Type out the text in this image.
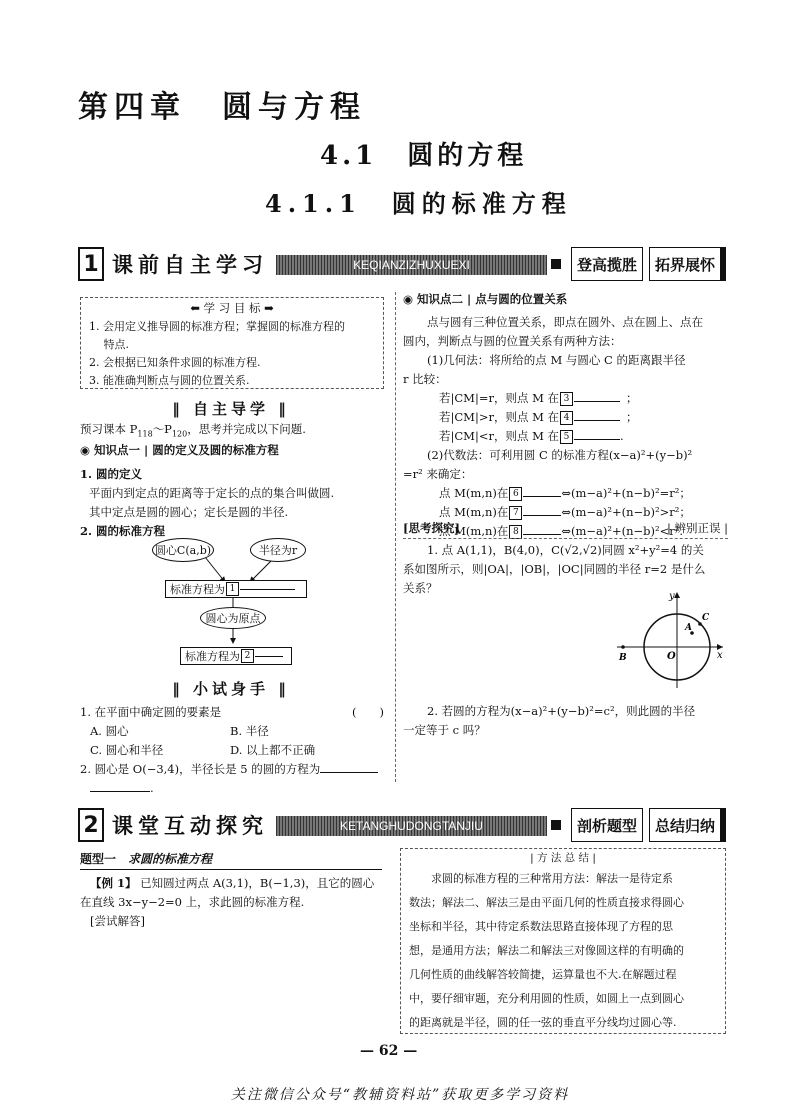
第四章　圆与方程
4.1　圆的方程
4.1.1　圆的标准方程
1 课前自主学习	KEQIANZIZHUXUEXI	登高揽胜	拓界展怀
⬅ 学 习 目 标 ➡
1. 会用定义推导圆的标准方程；掌握圆的标准方程的
　 特点.
2. 会根据已知条件求圆的标准方程.
3. 能准确判断点与圆的位置关系.
‖ 自主导学 ‖
预习课本 $P_{118}\sim P_{120}$，思考并完成以下问题.
◉ 知识点一 | 圆的定义及圆的标准方程
1. 圆的定义
平面内到定点的距离等于定长的点的集合叫做圆.
其中定点是圆的圆心；定长是圆的半径.
2. 圆的标准方程
圆心C(a,b)	半径为r
标准方程为 1
圆心为原点
标准方程为 2
‖ 小试身手 ‖
1. 在平面中确定圆的要素是	(　　)
A. 圆心	B. 半径
C. 圆心和半径	D. 以上都不正确
2. 圆心是 O(−3,4)，半径长是 5 的圆的方程为
.
◉ 知识点二 | 点与圆的位置关系
点与圆有三种位置关系，即点在圆外、点在圆上、点在
圆内，判断点与圆的位置关系有两种方法：
(1)几何法：将所给的点 M 与圆心 C 的距离跟半径
r 比较：
若|CM|=r，则点 M 在 3	；
若|CM|>r，则点 M 在 4	；
若|CM|<r，则点 M 在 5	.
(2)代数法：可利用圆 C 的标准方程(x−a)²+(y−b)²
=r² 来确定：
点 M(m,n)在 6	⇔(m−a)²+(n−b)²=r²；
点 M(m,n)在 7	⇔(m−a)²+(n−b)²>r²；
点 M(m,n)在 8	⇔(m−a)²+(n−b)²<r².
[思考探究]	| 辨别正误 |
1. 点 A(1,1)，B(4,0)，C(√2,√2)同圆 x²+y²=4 的关
系如图所示，则|OA|，|OB|，|OC|同圆的半径 r=2 是什么
关系？
y
x
O
A
C
B
2. 若圆的方程为(x−a)²+(y−b)²=c²，则此圆的半径
一定等于 c 吗？
2 课堂互动探究	KETANGHUDONGTANJIU	剖析题型	总结归纳
题型一　 求圆的标准方程
【例 1】 已知圆过两点 A(3,1)，B(−1,3)，且它的圆心
在直线 3x−y−2=0 上，求此圆的标准方程.
[尝试解答]
| 方 法 总 结 |
　　求圆的标准方程的三种常用方法：解法一是待定系
数法；解法二、解法三是由平面几何的性质直接求得圆心
坐标和半径，其中待定系数法思路直接体现了方程的思
想，是通用方法；解法二和解法三对像圆这样的有明确的
几何性质的曲线解答较简捷，运算量也不大.在解题过程
中，要仔细审题，充分利用圆的性质，如圆上一点到圆心
的距离就是半径，圆的任一弦的垂直平分线均过圆心等.
— 62 —
关注微信公众号“教辅资料站”获取更多学习资料
